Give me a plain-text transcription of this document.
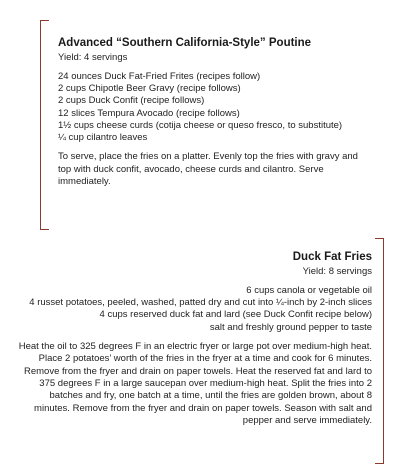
Advanced “Southern California-Style” Poutine

Yield: 4 servings

24 ounces Duck Fat-Fried Frites (recipes follow)
2 cups Chipotle Beer Gravy (recipe follows)
2 cups Duck Confit (recipe follows)
12 slices Tempura Avocado (recipe follows)
1½ cups cheese curds (cotija cheese or queso fresco, to substitute)
¼ cup cilantro leaves

To serve, place the fries on a platter. Evenly top the fries with gravy and top with duck confit, avocado, cheese curds and cilantro. Serve immediately.

Duck Fat Fries

Yield: 8 servings

6 cups canola or vegetable oil
4 russet potatoes, peeled, washed, patted dry and cut into ¼-inch by 2-inch slices
4 cups reserved duck fat and lard (see Duck Confit recipe below)
salt and freshly ground pepper to taste

Heat the oil to 325 degrees F in an electric fryer or large pot over medium-high heat. Place 2 potatoes’ worth of the fries in the fryer at a time and cook for 6 minutes. Remove from the fryer and drain on paper towels. Heat the reserved fat and lard to 375 degrees F in a large saucepan over medium-high heat. Split the fries into 2 batches and fry, one batch at a time, until the fries are golden brown, about 8 minutes. Remove from the fryer and drain on paper towels. Season with salt and pepper and serve immediately.
